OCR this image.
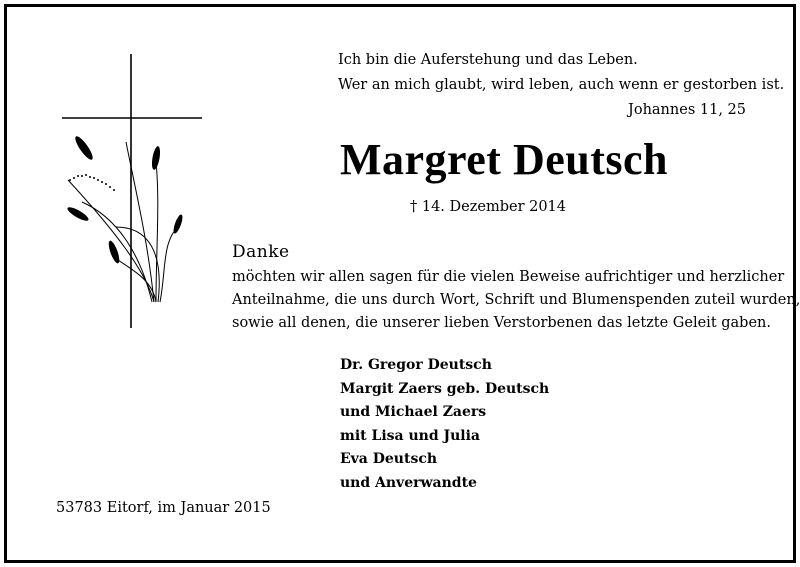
Ich bin die Auferstehung und das Leben.
Wer an mich glaubt, wird leben, auch wenn er gestorben ist.
Johannes 11, 25
Margret Deutsch
† 14. Dezember 2014
Danke
möchten wir allen sagen für die vielen Beweise aufrichtiger und herzlicher
Anteilnahme, die uns durch Wort, Schrift und Blumenspenden zuteil wurden,
sowie all denen, die unserer lieben Verstorbenen das letzte Geleit gaben.
Dr. Gregor Deutsch
Margit Zaers geb. Deutsch
und Michael Zaers
mit Lisa und Julia
Eva Deutsch
und Anverwandte
53783 Eitorf, im Januar 2015
